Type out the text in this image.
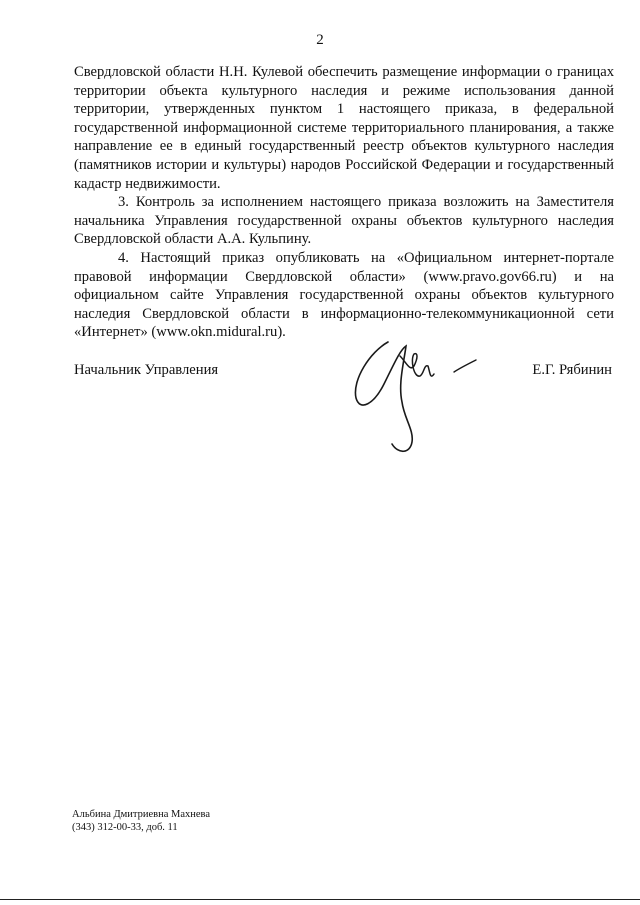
2

Свердловской области Н.Н. Кулевой обеспечить размещение информации о границах территории объекта культурного наследия и режиме использования данной территории, утвержденных пунктом 1 настоящего приказа, в федеральной государственной информационной системе территориального планирования, а также направление ее в единый государственный реестр объектов культурного наследия (памятников истории и культуры) народов Российской Федерации и государственный кадастр недвижимости.

3. Контроль за исполнением настоящего приказа возложить на Заместителя начальника Управления государственной охраны объектов культурного наследия Свердловской области А.А. Кульпину.

4. Настоящий приказ опубликовать на «Официальном интернет-портале правовой информации Свердловской области» (www.pravo.gov66.ru) и на официальном сайте Управления государственной охраны объектов культурного наследия Свердловской области в информационно-телекоммуникационной сети «Интернет» (www.okn.midural.ru).

Начальник Управления	Е.Г. Рябинин
Альбина Дмитриевна Махнева
(343) 312-00-33, доб. 11
